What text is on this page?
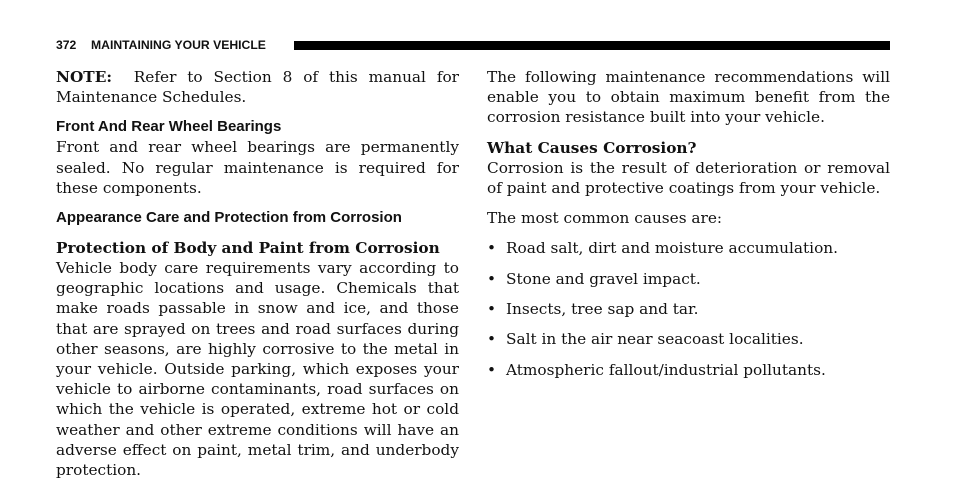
372 MAINTAINING YOUR VEHICLE

NOTE: Refer to Section 8 of this manual for Maintenance Schedules.

Front And Rear Wheel Bearings

Front and rear wheel bearings are permanently sealed. No regular maintenance is required for these components.

Appearance Care and Protection from Corrosion
Protection of Body and Paint from Corrosion

Vehicle body care requirements vary according to geographic locations and usage. Chemicals that make roads passable in snow and ice, and those that are sprayed on trees and road surfaces during other seasons, are highly corrosive to the metal in your vehicle. Outside parking, which exposes your vehicle to airborne contaminants, road surfaces on which the vehicle is operated, extreme hot or cold weather and other extreme conditions will have an adverse effect on paint, metal trim, and underbody protection.

The following maintenance recommendations will enable you to obtain maximum benefit from the corrosion resistance built into your vehicle.

What Causes Corrosion?

Corrosion is the result of deterioration or removal of paint and protective coatings from your vehicle.

The most common causes are:

• Road salt, dirt and moisture accumulation.
• Stone and gravel impact.
• Insects, tree sap and tar.
• Salt in the air near seacoast localities.
• Atmospheric fallout/industrial pollutants.
